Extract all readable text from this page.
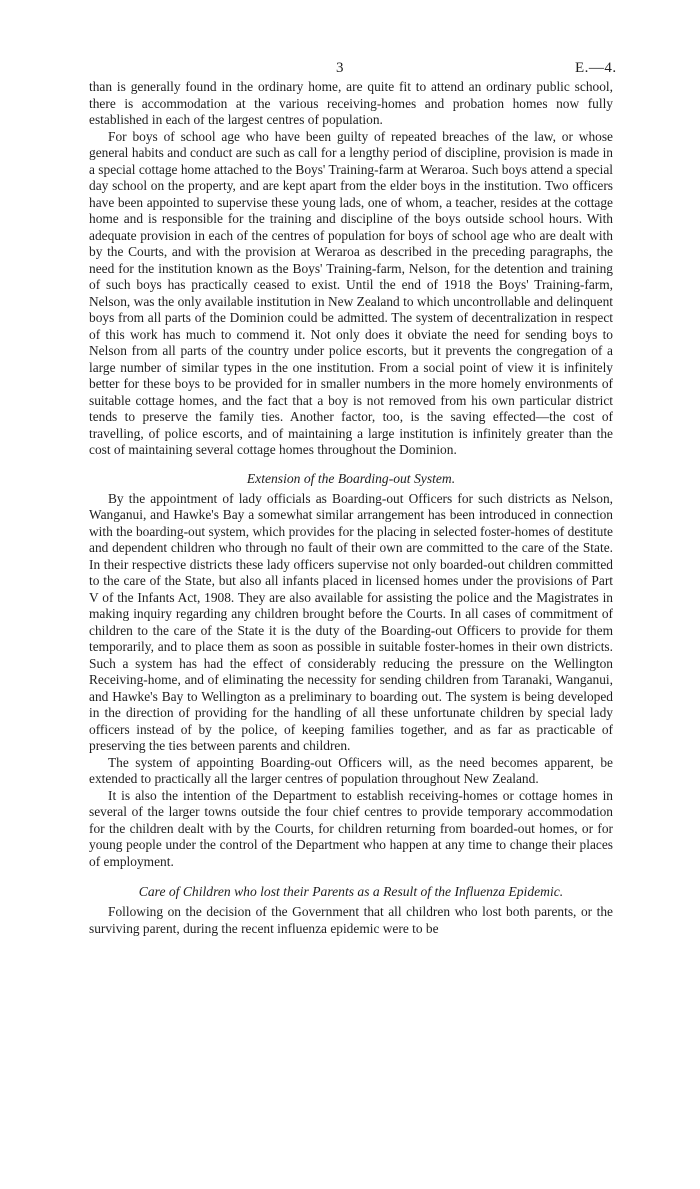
3	E.—4.

than is generally found in the ordinary home, are quite fit to attend an ordinary public school, there is accommodation at the various receiving-homes and probation homes now fully established in each of the largest centres of population.

For boys of school age who have been guilty of repeated breaches of the law, or whose general habits and conduct are such as call for a lengthy period of discipline, provision is made in a special cottage home attached to the Boys' Training-farm at Weraroa. Such boys attend a special day school on the property, and are kept apart from the elder boys in the institution. Two officers have been appointed to supervise these young lads, one of whom, a teacher, resides at the cottage home and is responsible for the training and discipline of the boys outside school hours. With adequate provision in each of the centres of population for boys of school age who are dealt with by the Courts, and with the provision at Weraroa as described in the preceding paragraphs, the need for the institution known as the Boys' Training-farm, Nelson, for the detention and training of such boys has practically ceased to exist. Until the end of 1918 the Boys' Training-farm, Nelson, was the only available institution in New Zealand to which uncontrollable and delinquent boys from all parts of the Dominion could be admitted. The system of decentralization in respect of this work has much to commend it. Not only does it obviate the need for sending boys to Nelson from all parts of the country under police escorts, but it prevents the congregation of a large number of similar types in the one institution. From a social point of view it is infinitely better for these boys to be provided for in smaller numbers in the more homely environments of suitable cottage homes, and the fact that a boy is not removed from his own particular district tends to preserve the family ties. Another factor, too, is the saving effected—the cost of travelling, of police escorts, and of maintaining a large institution is infinitely greater than the cost of maintaining several cottage homes throughout the Dominion.

Extension of the Boarding-out System.

By the appointment of lady officials as Boarding-out Officers for such districts as Nelson, Wanganui, and Hawke's Bay a somewhat similar arrangement has been introduced in connection with the boarding-out system, which provides for the placing in selected foster-homes of destitute and dependent children who through no fault of their own are committed to the care of the State. In their respective districts these lady officers supervise not only boarded-out children committed to the care of the State, but also all infants placed in licensed homes under the provisions of Part V of the Infants Act, 1908. They are also available for assisting the police and the Magistrates in making inquiry regarding any children brought before the Courts. In all cases of commitment of children to the care of the State it is the duty of the Boarding-out Officers to provide for them temporarily, and to place them as soon as possible in suitable foster-homes in their own districts. Such a system has had the effect of considerably reducing the pressure on the Wellington Receiving-home, and of eliminating the necessity for sending children from Taranaki, Wanganui, and Hawke's Bay to Wellington as a preliminary to boarding out. The system is being developed in the direction of providing for the handling of all these unfortunate children by special lady officers instead of by the police, of keeping families together, and as far as practicable of preserving the ties between parents and children.

The system of appointing Boarding-out Officers will, as the need becomes apparent, be extended to practically all the larger centres of population throughout New Zealand.

It is also the intention of the Department to establish receiving-homes or cottage homes in several of the larger towns outside the four chief centres to provide temporary accommodation for the children dealt with by the Courts, for children returning from boarded-out homes, or for young people under the control of the Department who happen at any time to change their places of employment.

Care of Children who lost their Parents as a Result of the Influenza Epidemic.

Following on the decision of the Government that all children who lost both parents, or the surviving parent, during the recent influenza epidemic were to be
